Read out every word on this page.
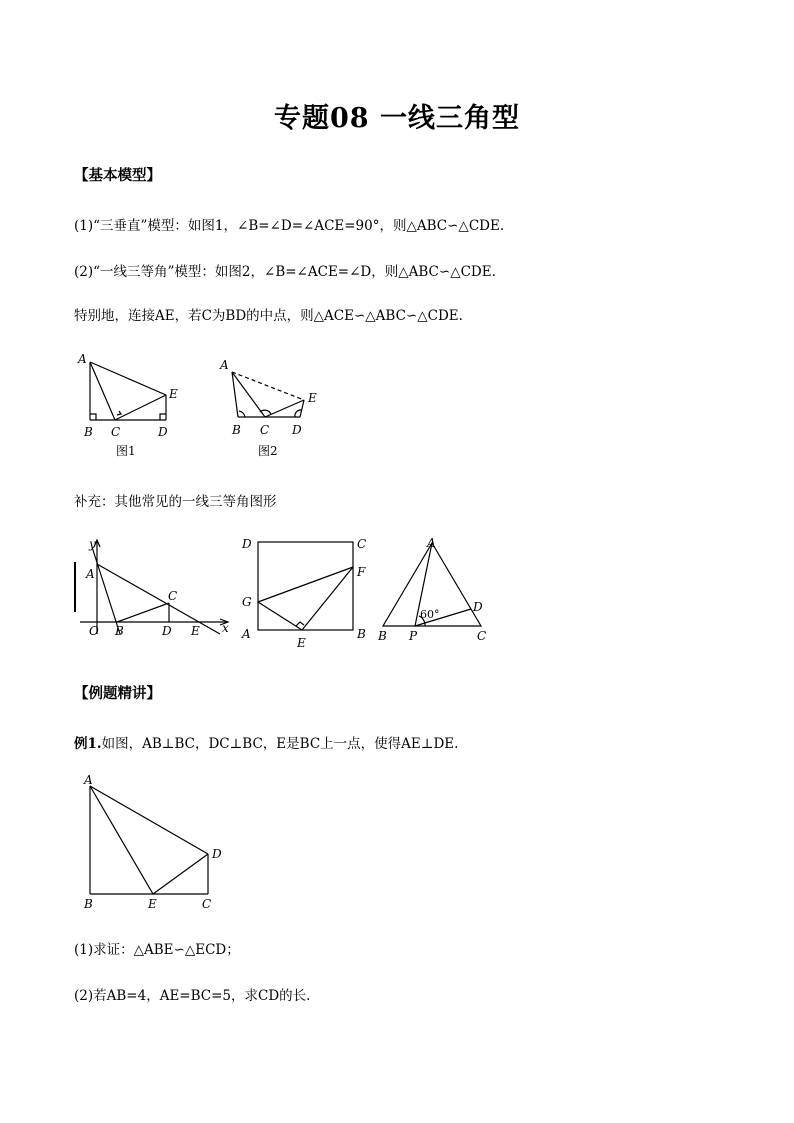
专题08 一线三角型
【基本模型】
(1)“三垂直”模型：如图1，∠B=∠D=∠ACE=90°，则△ABC∽△CDE.
(2)“一线三等角”模型：如图2，∠B=∠ACE=∠D，则△ABC∽△CDE.
特别地，连接AE，若C为BD的中点，则△ACE∽△ABC∽△CDE.
A
B C	D
E
图1
A
B C D
E
图2
补充：其他常见的一线三等角图形
y
A
O B
C
D E x
D	C
F
G
A
E
B
A
D
B P	C
60°
【例题精讲】
例1.如图，AB⊥BC，DC⊥BC，E是BC上一点，使得AE⊥DE.
A
B	E	C
D
(1)求证：△ABE∽△ECD；
(2)若AB=4，AE=BC=5，求CD的长.
